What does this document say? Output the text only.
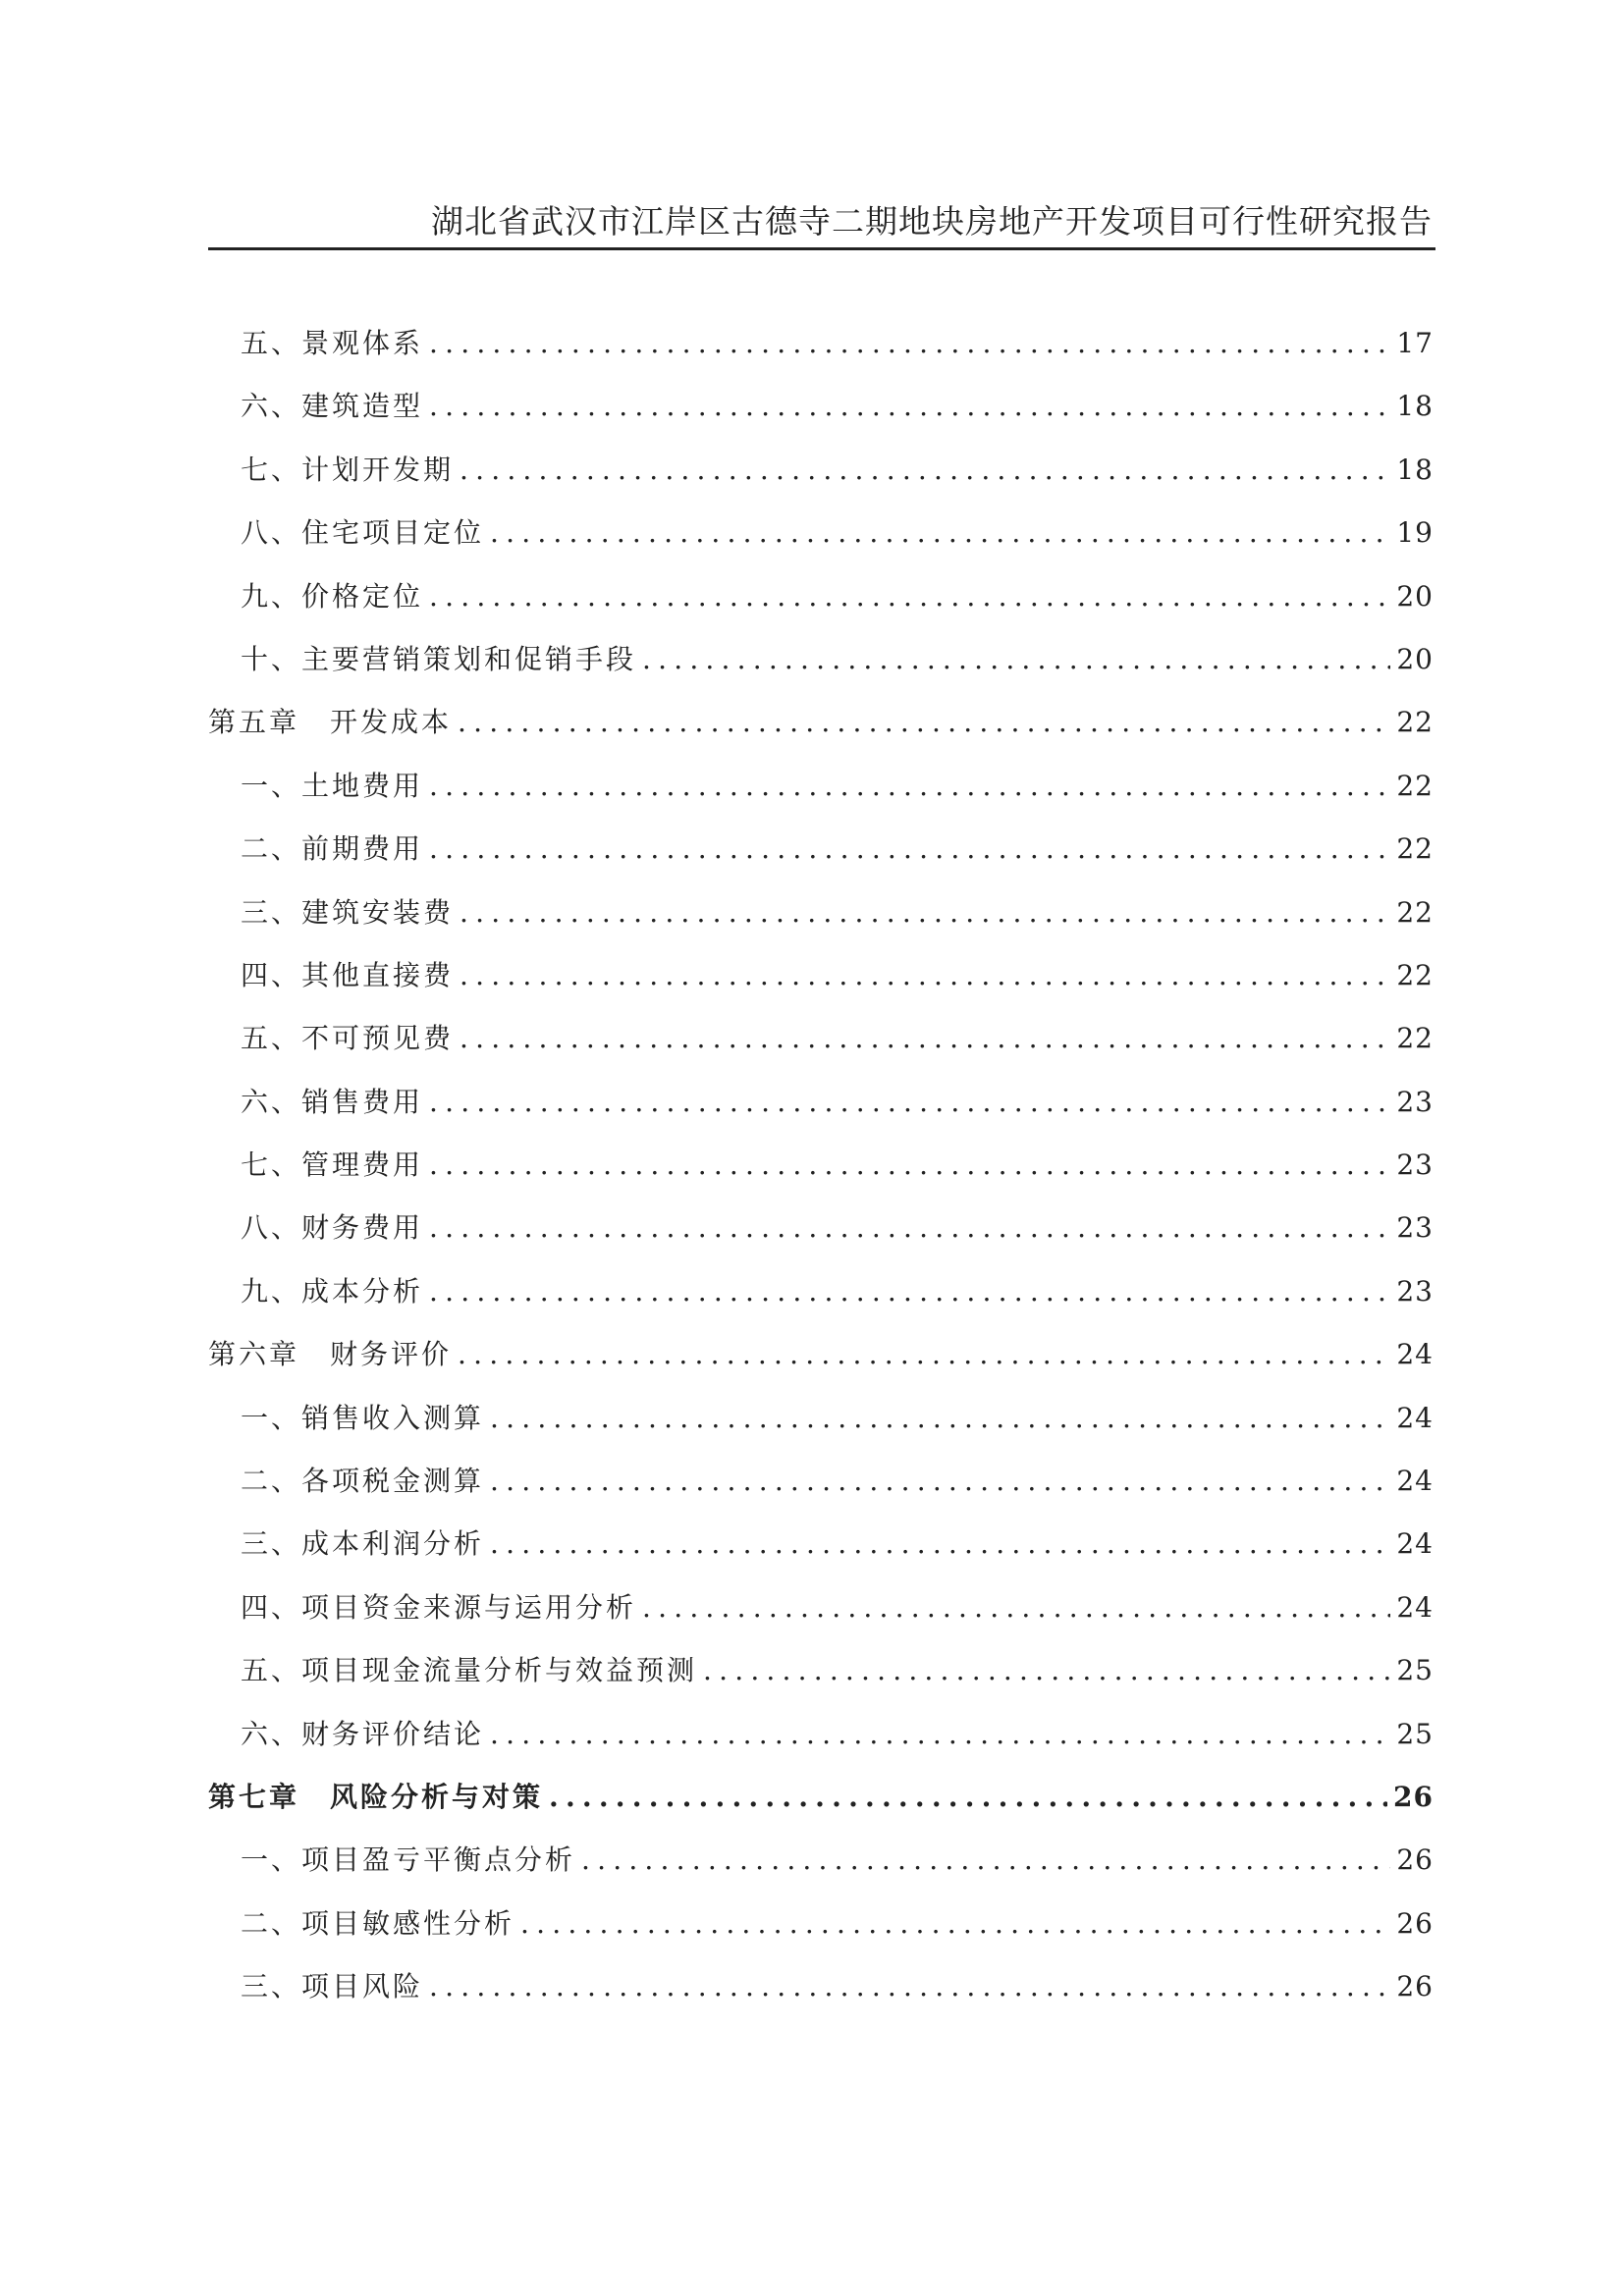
湖北省武汉市江岸区古德寺二期地块房地产开发项目可行性研究报告
五、景观体系 .....	17
六、建筑造型 .....	18
七、计划开发期 .....	18
八、住宅项目定位 .....	19
九、价格定位 .....	20
十、主要营销策划和促销手段 .....	20
第五章　开发成本 .....	22
一、土地费用 .....	22
二、前期费用 .....	22
三、建筑安装费 .....	22
四、其他直接费 .....	22
五、不可预见费 .....	22
六、销售费用 .....	23
七、管理费用 .....	23
八、财务费用 .....	23
九、成本分析 .....	23
第六章　财务评价 .....	24
一、销售收入测算 .....	24
二、各项税金测算 .....	24
三、成本利润分析 .....	24
四、项目资金来源与运用分析 .....	24
五、项目现金流量分析与效益预测 .....	25
六、财务评价结论 .....	25
第七章　风险分析与对策 .....	26
一、项目盈亏平衡点分析 .....	26
二、项目敏感性分析 .....	26
三、项目风险 .....	26
